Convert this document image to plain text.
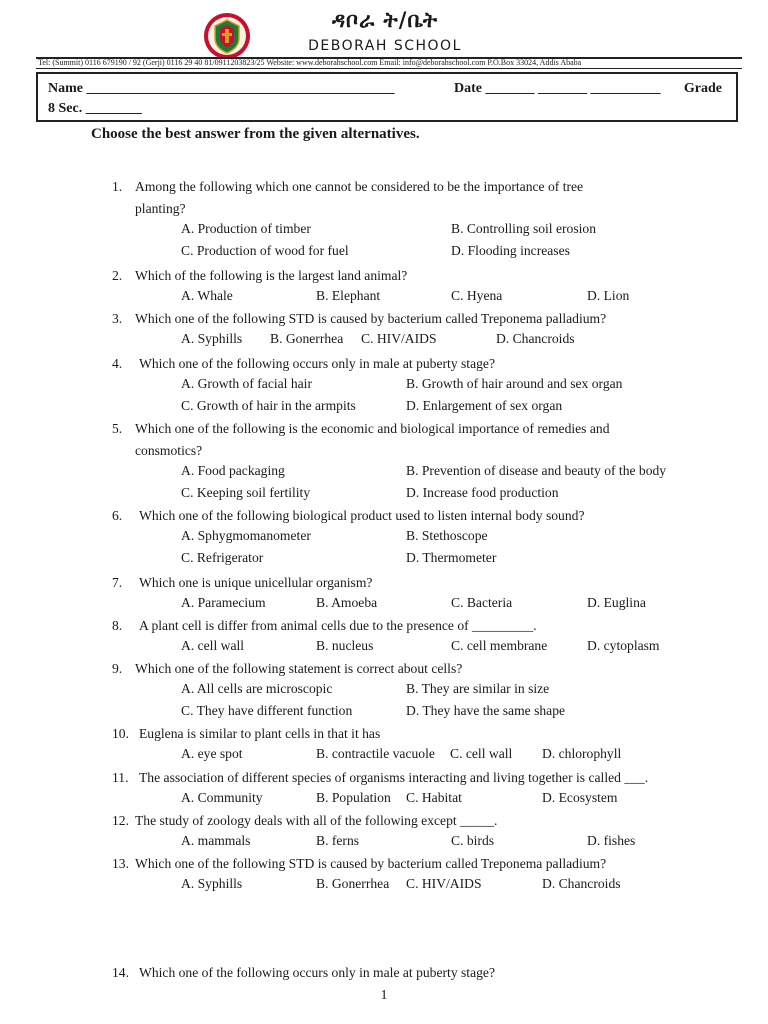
ዳቦራ ት/ቤት
DEBORAH SCHOOL
Tel: (Summit) 0116 679190 / 92 (Gerji) 0116 29 40 81/0911203823/25 Website: www.deborahschool.com Email: info@deborahschool.com P.O.Box 33024, Addis Ababa
Name ____________________________________________	Date _______ _______ __________ Grade
8 Sec. ________
Choose the best answer from the given alternatives.
1. Among the following which one cannot be considered to be the importance of tree
planting?
A. Production of timber	B. Controlling soil erosion
C. Production of wood for fuel	D. Flooding increases
2. Which of the following is the largest land animal?
A. Whale	B. Elephant	C. Hyena	D. Lion
3. Which one of the following STD is caused by bacterium called Treponema palladium?
A. Syphills B. Gonerrhea C. HIV/AIDS	D. Chancroids
4. Which one of the following occurs only in male at puberty stage?
A. Growth of facial hair	B. Growth of hair around and sex organ
C. Growth of hair in the armpits	D. Enlargement of sex organ
5. Which one of the following is the economic and biological importance of remedies and
consmotics?
A. Food packaging	B. Prevention of disease and beauty of the body
C. Keeping soil fertility	D. Increase food production
6. Which one of the following biological product used to listen internal body sound?
A. Sphygmomanometer	B. Stethoscope
C. Refrigerator	D. Thermometer
7. Which one is unique unicellular organism?
A. Paramecium	B. Amoeba	C. Bacteria	D. Euglina
8. A plant cell is differ from animal cells due to the presence of _________.
A. cell wall	B. nucleus	C. cell membrane	D. cytoplasm
9. Which one of the following statement is correct about cells?
A. All cells are microscopic	B. They are similar in size
C. They have different function	D. They have the same shape
10. Euglena is similar to plant cells in that it has
A. eye spot	B. contractile vacuole C. cell wall D. chlorophyll
11. The association of different species of organisms interacting and living together is called ___.
A. Community	B. Population C. Habitat	D. Ecosystem
12. The study of zoology deals with all of the following except _____.
A. mammals	B. ferns	C. birds	D. fishes
13. Which one of the following STD is caused by bacterium called Treponema palladium?
A. Syphills	B. Gonerrhea C. HIV/AIDS	D. Chancroids
14. Which one of the following occurs only in male at puberty stage?
1
